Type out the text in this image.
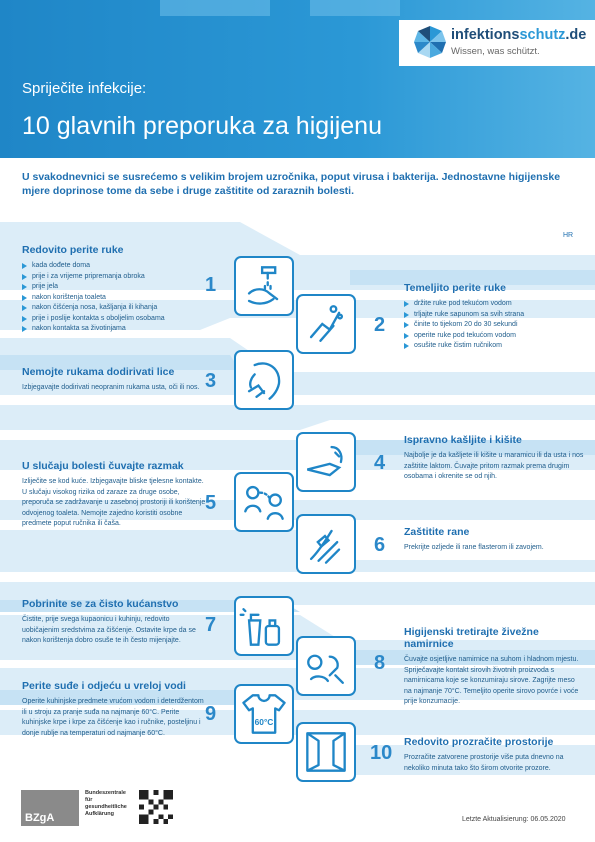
Spriječite infekcije:
10 glavnih preporuka za higijenu
infektionsschutz.de
Wissen, was schützt.
U svakodnevnici se susrećemo s velikim brojem uzročnika, poput virusa i bakterija. Jednostavne higijenske mjere doprinose tome da sebe i druge zaštitite od zaraznih bolesti.
HR
Redovito perite ruke
kada dođete doma
prije i za vrijeme pripremanja obroka
prije jela
nakon korištenja toaleta
nakon čišćenja nosa, kašljanja ili kihanja
prije i poslije kontakta s oboljelim osobama
nakon kontakta sa životinjama
1
2
Temeljito perite ruke
držite ruke pod tekućom vodom
trljajte ruke sapunom sa svih strana
činite to tijekom 20 do 30 sekundi
operite ruke pod tekućom vodom
osušite ruke čistim ručnikom
Nemojte rukama dodirivati lice

Izbjegavajte dodirivati neopranim rukama usta, oči ili nos. 3
4
Ispravno kašljite i kišite

Najbolje je da kašljete ili kišite u maramicu ili da usta i nos zaštitite laktom. Čuvajte pritom razmak prema drugim osobama i okrenite se od njih.

U slučaju bolesti čuvajte razmak

Izliječite se kod kuće. Izbjegavajte bliske tjelesne kontakte. U slučaju visokog rizika od zaraze za druge osobe, preporuča se zadržavanje u zasebnoj prostoriji ili korištenje odvojenog toaleta. Nemojte zajedno koristiti osobne predmete poput ručnika ili čaša.

5
6
Zaštitite rane

Prekrijte ozljede ili rane flasterom ili zavojem.

Pobrinite se za čisto kućanstvo

Čistite, prije svega kupaonicu i kuhinju, redovito uobičajenim sredstvima za čišćenje. Ostavite krpe da se nakon korištenja dobro osuše te ih često mijenjajte.

7
8
Higijenski tretirajte živežne namirnice

Čuvajte osjetljive namirnice na suhom i hladnom mjestu. Spriječavajte kontakt sirovih životnih proizvoda s namirnicama koje se konzumiraju sirove. Zagrijte meso na najmanje 70°C. Temeljito operite sirovo povrće i voće prije konzumacije.

Perite suđe i odjeću u vreloj vodi

Operite kuhinjske predmete vrućom vodom i deterdžentom ili u stroju za pranje suđa na najmanje 60°C. Perite kuhinjske krpe i krpe za čišćenje kao i ručnike, posteljinu i donje rublje na temperaturi od najmanje 60°C.

9	60°C
10 Redovito prozračite prostorije

Prozračite zatvorene prostorije više puta dnevno na nekoliko minuta tako što širom otvorite prozore.

BZgA
Bundeszentrale
für
gesundheitliche
Aufklärung
Letzte Aktualisierung: 06.05.2020
